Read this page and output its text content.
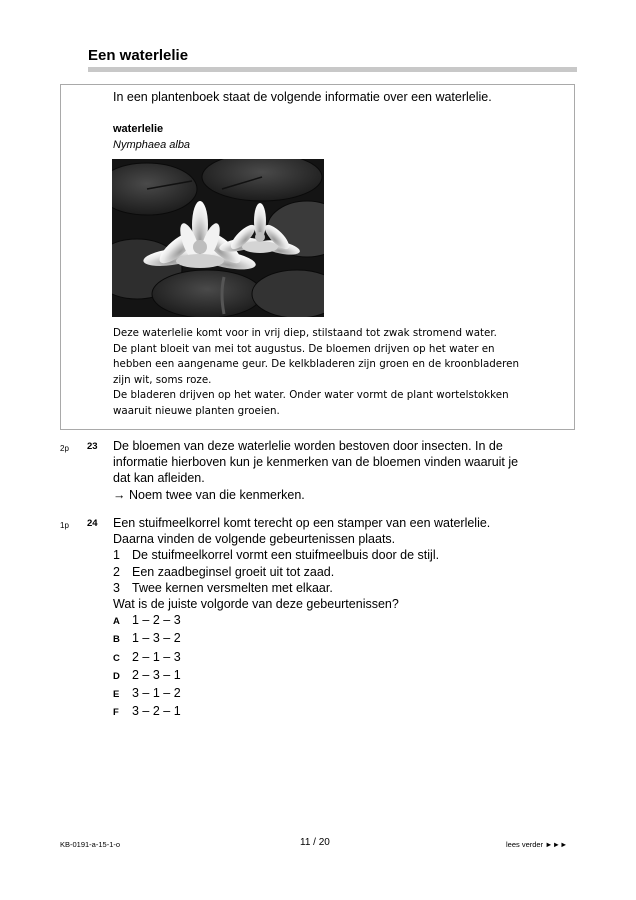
Een waterlelie
In een plantenboek staat de volgende informatie over een waterlelie.
waterlelie
Nymphaea alba
Deze waterlelie komt voor in vrij diep, stilstaand tot zwak stromend water.
De plant bloeit van mei tot augustus. De bloemen drijven op het water en
hebben een aangename geur. De kelkbladeren zijn groen en de kroonbladeren
zijn wit, soms roze.
De bladeren drijven op het water. Onder water vormt de plant wortelstokken
waaruit nieuwe planten groeien.
2p 23 De bloemen van deze waterlelie worden bestoven door insecten. In de
informatie hierboven kun je kenmerken van de bloemen vinden waaruit je
dat kan afleiden.
→ Noem twee van die kenmerken.
1p 24 Een stuifmeelkorrel komt terecht op een stamper van een waterlelie.
Daarna vinden de volgende gebeurtenissen plaats.
1 De stuifmeelkorrel vormt een stuifmeelbuis door de stijl.
2 Een zaadbeginsel groeit uit tot zaad.
3 Twee kernen versmelten met elkaar.
Wat is de juiste volgorde van deze gebeurtenissen?
A 1 – 2 – 3
B 1 – 3 – 2
C 2 – 1 – 3
D 2 – 3 – 1
E 3 – 1 – 2
F 3 – 2 – 1
KB-0191-a-15-1-o	11 / 20	lees verder ►►►
